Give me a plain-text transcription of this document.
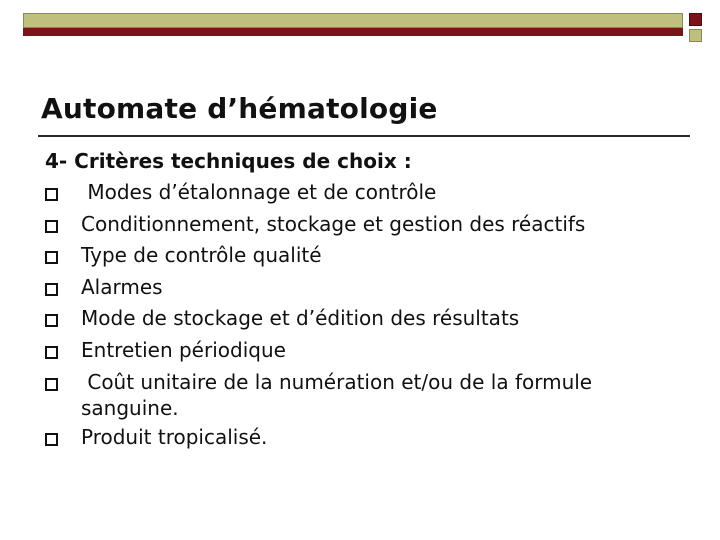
Automate d’hématologie
4- Critères techniques de choix :
Modes d’étalonnage et de contrôle
Conditionnement, stockage et gestion des réactifs
Type de contrôle qualité
Alarmes
Mode de stockage et d’édition des résultats
Entretien périodique
Coût unitaire de la numération et/ou de la formule sanguine.
Produit tropicalisé.
